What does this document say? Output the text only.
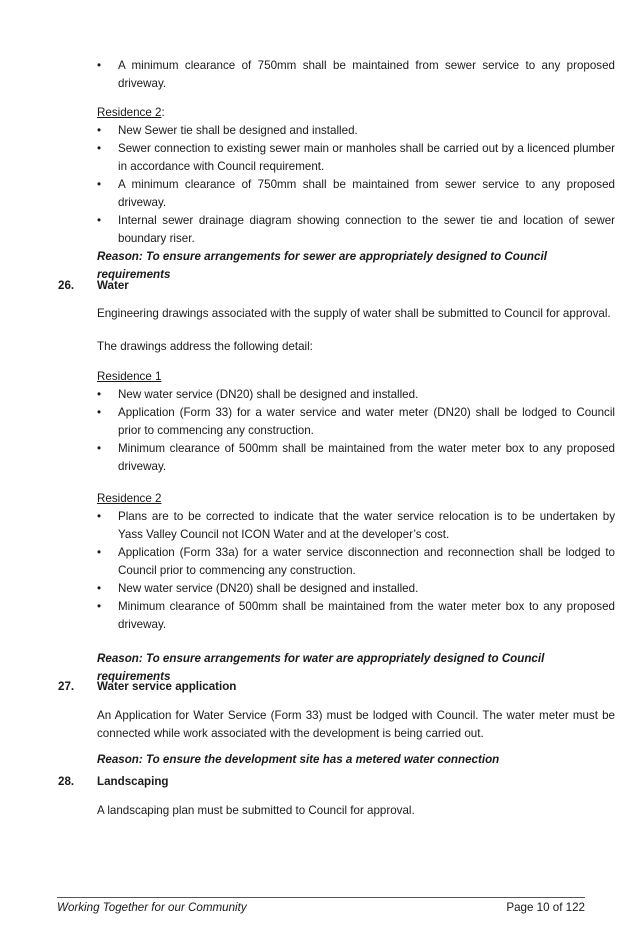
• A minimum clearance of 750mm shall be maintained from sewer service to any proposed driveway.
Residence 2:
• New Sewer tie shall be designed and installed.
• Sewer connection to existing sewer main or manholes shall be carried out by a licenced plumber in accordance with Council requirement.
• A minimum clearance of 750mm shall be maintained from sewer service to any proposed driveway.
• Internal sewer drainage diagram showing connection to the sewer tie and location of sewer boundary riser.
Reason: To ensure arrangements for sewer are appropriately designed to Council requirements
26. Water
Engineering drawings associated with the supply of water shall be submitted to Council for approval.
The drawings address the following detail:
Residence 1
• New water service (DN20) shall be designed and installed.
• Application (Form 33) for a water service and water meter (DN20) shall be lodged to Council prior to commencing any construction.
• Minimum clearance of 500mm shall be maintained from the water meter box to any proposed driveway.
Residence 2
• Plans are to be corrected to indicate that the water service relocation is to be undertaken by Yass Valley Council not ICON Water and at the developer’s cost.
• Application (Form 33a) for a water service disconnection and reconnection shall be lodged to Council prior to commencing any construction.
• New water service (DN20) shall be designed and installed.
• Minimum clearance of 500mm shall be maintained from the water meter box to any proposed driveway.
Reason: To ensure arrangements for water are appropriately designed to Council requirements
27. Water service application
An Application for Water Service (Form 33) must be lodged with Council. The water meter must be connected while work associated with the development is being carried out.
Reason: To ensure the development site has a metered water connection
28. Landscaping
A landscaping plan must be submitted to Council for approval.
Working Together for our Community	Page 10 of 122
